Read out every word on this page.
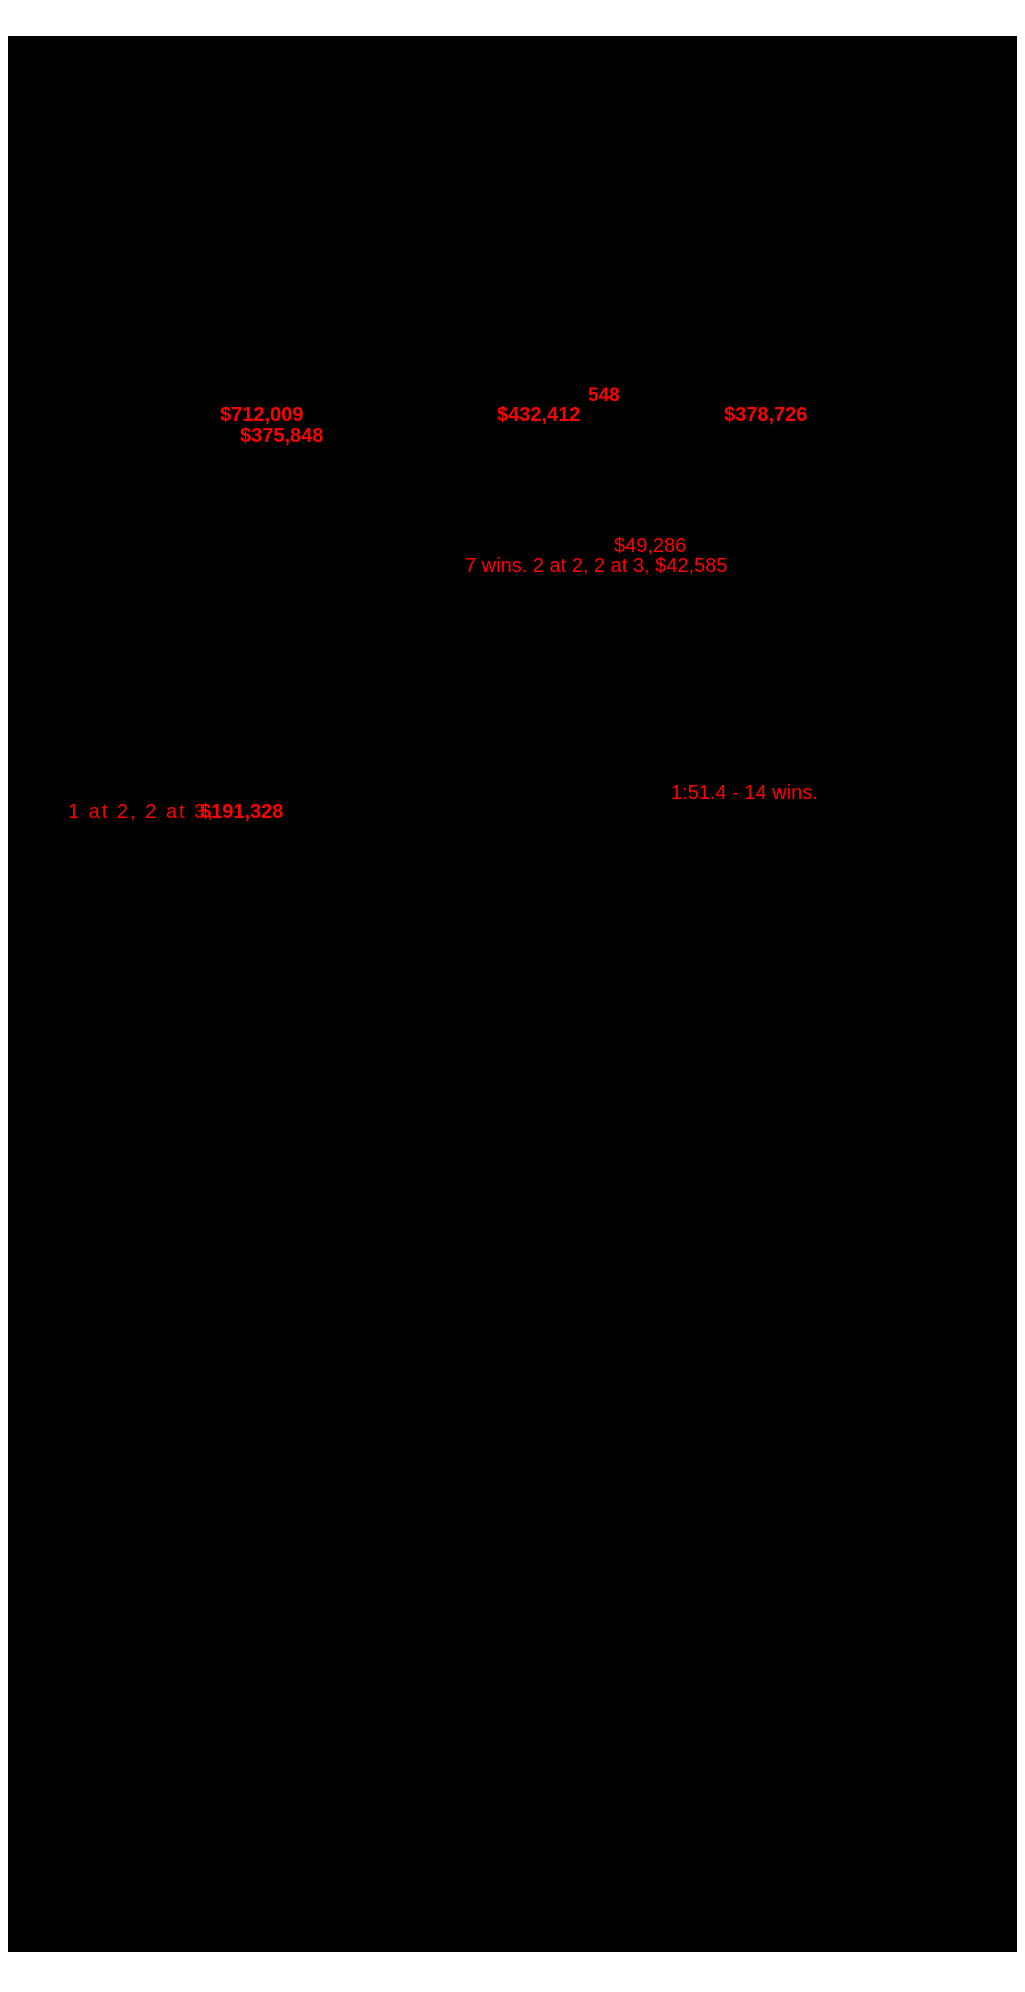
$712,009
$375,848
548
$432,412	$378,726
$49,286
7 wins. 2 at 2, 2 at 3, $42,585
1:51.4 - 14 wins.
1 at 2, 2 at 3,
$191,328
